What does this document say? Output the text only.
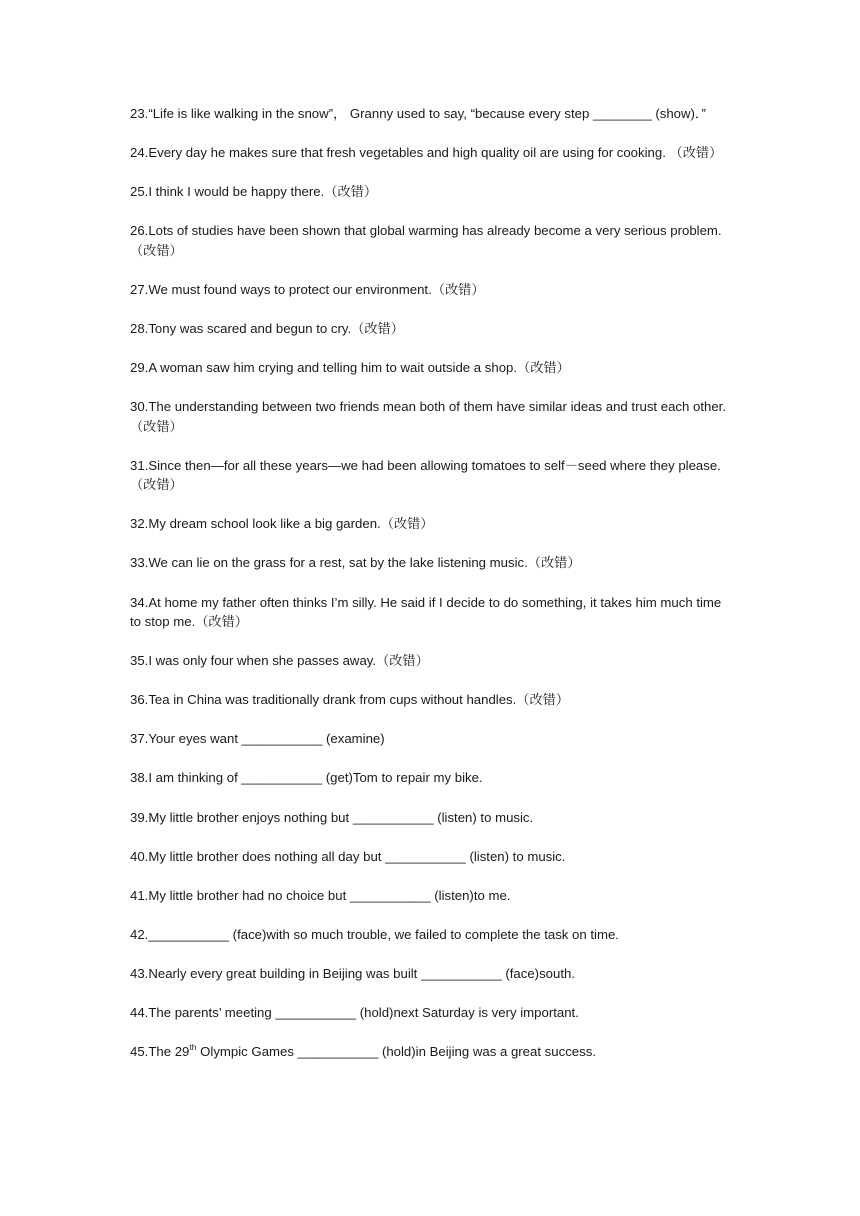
23.“Life is like walking in the snow”， Granny used to say, “because every step ________ (show)．”

24.Every day he makes sure that fresh vegetables and high quality oil are using for cooking. （改错）

25.I think I would be happy there.（改错）

26.Lots of studies have been shown that global warming has already become a very serious problem.（改错）

27.We must found ways to protect our environment.（改错）

28.Tony was scared and begun to cry.（改错）

29.A woman saw him crying and telling him to wait outside a shop.（改错）

30.The understanding between two friends mean both of them have similar ideas and trust each other.（改错）

31.Since then—for all these years—we had been allowing tomatoes to self－seed where they please.（改错）

32.My dream school look like a big garden.（改错）

33.We can lie on the grass for a rest, sat by the lake listening music.（改错）

34.At home my father often thinks I’m silly. He said if I decide to do something, it takes him much time to stop me.（改错）

35.I was only four when she passes away.（改错）

36.Tea in China was traditionally drank from cups without handles.（改错）

37.Your eyes want ___________ (examine)

38.I am thinking of ___________ (get)Tom to repair my bike.

39.My little brother enjoys nothing but ___________ (listen) to music.

40.My little brother does nothing all day but ___________ (listen) to music.

41.My little brother had no choice but ___________ (listen)to me.

42.___________ (face)with so much trouble, we failed to complete the task on time.

43.Nearly every great building in Beijing was built ___________ (face)south.

44.The parents’ meeting ___________ (hold)next Saturday is very important.

45.The 29th Olympic Games ___________ (hold)in Beijing was a great success.
